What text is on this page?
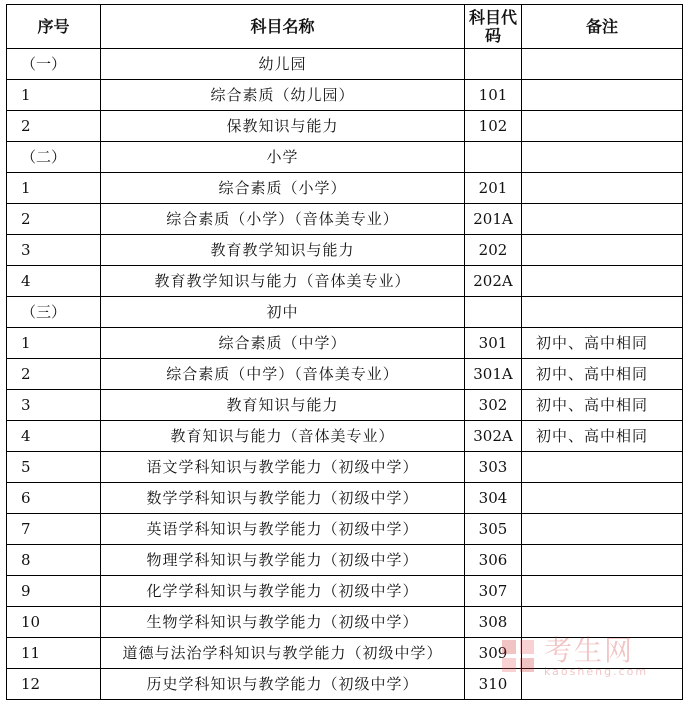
序号	科目名称	科目代码	备注
（一）	幼儿园		
1	综合素质（幼儿园）	101	
2	保教知识与能力	102	
（二）	小学		
1	综合素质（小学）	201	
2	综合素质（小学）（音体美专业）	201A	
3	教育教学知识与能力	202	
4	教育教学知识与能力（音体美专业）	202A	
（三）	初中		
1	综合素质（中学）	301	初中、高中相同
2	综合素质（中学）（音体美专业）	301A	初中、高中相同
3	教育知识与能力	302	初中、高中相同
4	教育知识与能力（音体美专业）	302A	初中、高中相同
5	语文学科知识与教学能力（初级中学）	303	
6	数学学科知识与教学能力（初级中学）	304	
7	英语学科知识与教学能力（初级中学）	305	
8	物理学科知识与教学能力（初级中学）	306	
9	化学学科知识与教学能力（初级中学）	307	
10	生物学科知识与教学能力（初级中学）	308	
11	道德与法治学科知识与教学能力（初级中学）	309	
12	历史学科知识与教学能力（初级中学）	310	
考生网
kaosheng.com
